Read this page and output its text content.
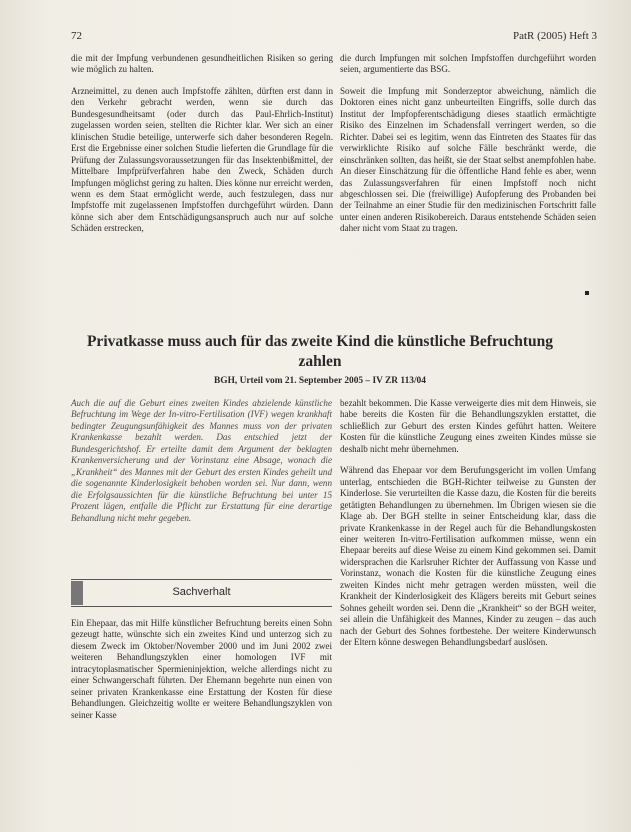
72	PatR (2005) Heft 3

die mit der Impfung verbundenen gesundheitlichen Risiken so gering wie möglich zu halten.

Arzneimittel, zu denen auch Impfstoffe zählten, dürften erst dann in den Verkehr gebracht werden, wenn sie durch das Bundesgesundheitsamt (oder durch das Paul-Ehrlich-Institut) zugelassen worden seien, stellten die Richter klar. Wer sich an einer klinischen Studie beteilige, unterwerfe sich daher besonderen Regeln. Erst die Ergebnisse einer solchen Studie lieferten die Grundlage für die Prüfung der Zulassungsvoraussetzungen für das Insektenbißmittel, der Mittelbare Impfprüfverfahren habe den Zweck, Schäden durch Impfungen möglichst gering zu halten. Dies könne nur erreicht werden, wenn es dem Staat ermöglicht werde, auch festzulegen, dass nur Impfstoffe mit zugelassenen Impfstoffen durchgeführt würden. Dann könne sich aber dem Entschädigungsanspruch auch nur auf solche Schäden erstrecken,

die durch Impfungen mit solchen Impfstoffen durchgeführt worden seien, argumentierte das BSG.

Soweit die Impfung mit Sonderzeptor abweichung, nämlich die Doktoren eines nicht ganz unbeurteilten Eingriffs, solle durch das Institut der Impfopferentschädigung dieses staatlich ermächtigte Risiko des Einzelnen im Schadensfall verringert werden, so die Richter. Dabei sei es legitim, wenn das Eintreten des Staates für das verwirklichte Risiko auf solche Fälle beschränkt werde, die einschränken sollten, das heißt, sie der Staat selbst anempfohlen habe. An dieser Einschätzung für die öffentliche Hand fehle es aber, wenn das Zulassungsverfahren für einen Impfstoff noch nicht abgeschlossen sei. Die (freiwillige) Aufopferung des Probanden bei der Teilnahme an einer Studie für den medizinischen Fortschritt falle unter einen anderen Risikobereich. Daraus entstehende Schäden seien daher nicht vom Staat zu tragen.

Privatkasse muss auch für das zweite Kind die künstliche Befruchtung zahlen
BGH, Urteil vom 21. September 2005 – IV ZR 113/04

Auch die auf die Geburt eines zweiten Kindes abzielende künstliche Befruchtung im Wege der In-vitro-Fertilisation (IVF) wegen krankhaft bedingter Zeugungsunfähigkeit des Mannes muss von der privaten Krankenkasse bezahlt werden. Das entschied jetzt der Bundesgerichtshof. Er erteilte damit dem Argument der beklagten Krankenversicherung und der Vorinstanz eine Absage, wonach die „Krankheit“ des Mannes mit der Geburt des ersten Kindes geheilt und die sogenannte Kinderlosigkeit behoben worden sei. Nur dann, wenn die Erfolgsaussichten für die künstliche Befruchtung bei unter 15 Prozent lägen, entfalle die Pflicht zur Erstattung für eine derartige Behandlung nicht mehr gegeben.

bezahlt bekommen. Die Kasse verweigerte dies mit dem Hinweis, sie habe bereits die Kosten für die Behandlungszyklen erstattet, die schließlich zur Geburt des ersten Kindes geführt hatten. Weitere Kosten für die künstliche Zeugung eines zweiten Kindes müsse sie deshalb nicht mehr übernehmen.

Während das Ehepaar vor dem Berufungsgericht im vollen Umfang unterlag, entschieden die BGH-Richter teilweise zu Gunsten der Kinderlose. Sie verurteilten die Kasse dazu, die Kosten für die bereits getätigten Behandlungen zu übernehmen. Im Übrigen wiesen sie die Klage ab. Der BGH stellte in seiner Entscheidung klar, dass die private Krankenkasse in der Regel auch für die Behandlungskosten einer weiteren In-vitro-Fertilisation aufkommen müsse, wenn ein Ehepaar bereits auf diese Weise zu einem Kind gekommen sei. Damit widersprachen die Karlsruher Richter der Auffassung von Kasse und Vorinstanz, wonach die Kosten für die künstliche Zeugung eines zweiten Kindes nicht mehr getragen werden müssten, weil die Krankheit der Kinderlosigkeit des Klägers bereits mit Geburt seines Sohnes geheilt worden sei. Denn die „Krankheit“ so der BGH weiter, sei allein die Unfähigkeit des Mannes, Kinder zu zeugen – das auch nach der Geburt des Sohnes fortbestehe. Der weitere Kinderwunsch der Eltern könne deswegen Behandlungsbedarf auslösen.

Sachverhalt

Ein Ehepaar, das mit Hilfe künstlicher Befruchtung bereits einen Sohn gezeugt hatte, wünschte sich ein zweites Kind und unterzog sich zu diesem Zweck im Oktober/November 2000 und im Juni 2002 zwei weiteren Behandlungszyklen einer homologen IVF mit intracytoplasmatischer Spermieninjektion, welche allerdings nicht zu einer Schwangerschaft führten. Der Ehemann begehrte nun einen von seiner privaten Krankenkasse eine Erstattung der Kosten für diese Behandlungen. Gleichzeitig wollte er weitere Behandlungszyklen von seiner Kasse
